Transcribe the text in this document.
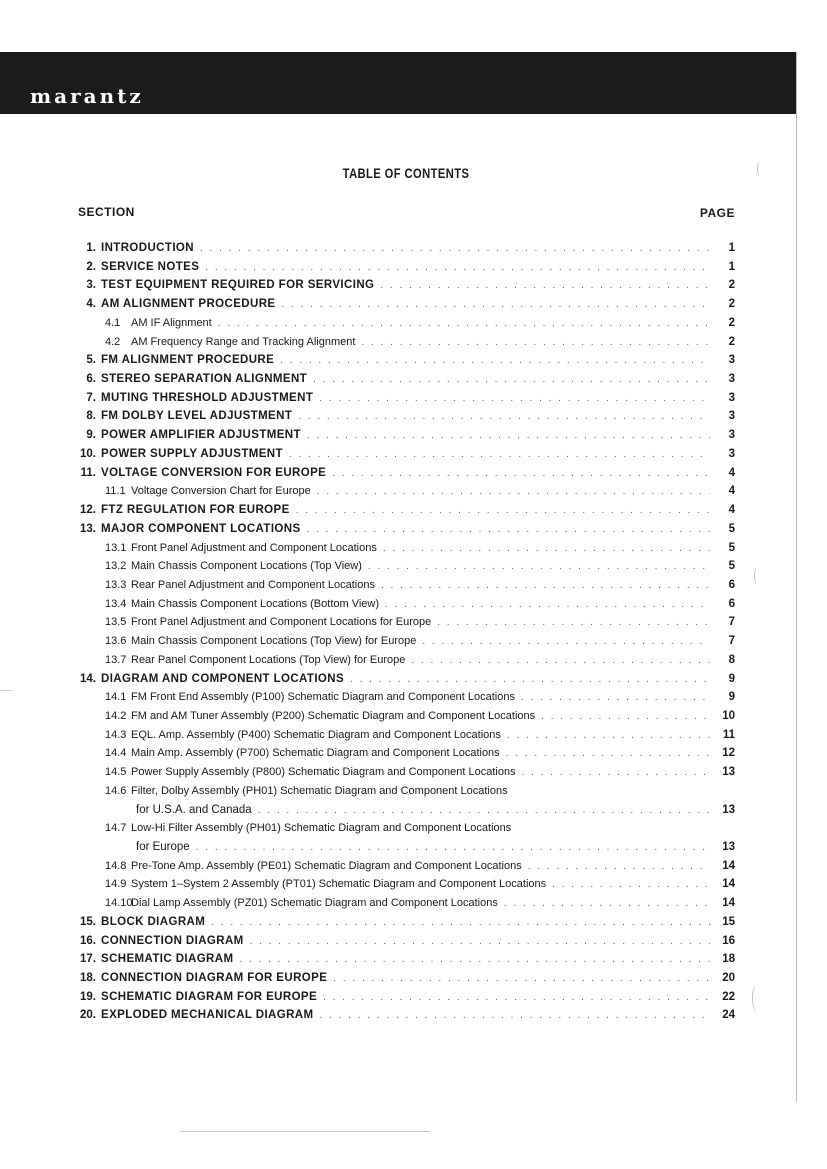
marantz
TABLE OF CONTENTS
SECTION	PAGE
1. INTRODUCTION . . .	1
2. SERVICE NOTES . . .	1
3. TEST EQUIPMENT REQUIRED FOR SERVICING . . .	2
4. AM ALIGNMENT PROCEDURE . . .	2
4.1 AM IF Alignment . . .	2
4.2 AM Frequency Range and Tracking Alignment . . .	2
5. FM ALIGNMENT PROCEDURE . . .	3
6. STEREO SEPARATION ALIGNMENT . . .	3
7. MUTING THRESHOLD ADJUSTMENT . . .	3
8. FM DOLBY LEVEL ADJUSTMENT . . .	3
9. POWER AMPLIFIER ADJUSTMENT . . .	3
10. POWER SUPPLY ADJUSTMENT . . .	3
11. VOLTAGE CONVERSION FOR EUROPE . . .	4
11.1 Voltage Conversion Chart for Europe . . .	4
12. FTZ REGULATION FOR EUROPE . . .	4
13. MAJOR COMPONENT LOCATIONS . . .	5
13.1 Front Panel Adjustment and Component Locations . . .	5
13.2 Main Chassis Component Locations (Top View) . . .	5
13.3 Rear Panel Adjustment and Component Locations . . .	6
13.4 Main Chassis Component Locations (Bottom View) . . .	6
13.5 Front Panel Adjustment and Component Locations for Europe . . .	7
13.6 Main Chassis Component Locations (Top View) for Europe . . .	7
13.7 Rear Panel Component Locations (Top View) for Europe . . .	8
14. DIAGRAM AND COMPONENT LOCATIONS . . .	9
14.1 FM Front End Assembly (P100) Schematic Diagram and Component Locations . . .	9
14.2 FM and AM Tuner Assembly (P200) Schematic Diagram and Component Locations . . .	10
14.3 EQL. Amp. Assembly (P400) Schematic Diagram and Component Locations . . .	11
14.4 Main Amp. Assembly (P700) Schematic Diagram and Component Locations . . .	12
14.5 Power Supply Assembly (P800) Schematic Diagram and Component Locations . . .	13
14.6 Filter, Dolby Assembly (PH01) Schematic Diagram and Component Locations
for U.S.A. and Canada . . .	13
14.7 Low-Hi Filter Assembly (PH01) Schematic Diagram and Component Locations
for Europe . . .	13
14.8 Pre-Tone Amp. Assembly (PE01) Schematic Diagram and Component Locations . . .	14
14.9 System 1–System 2 Assembly (PT01) Schematic Diagram and Component Locations . . .	14
14.10
Dial Lamp Assembly (PZ01) Schematic Diagram and Component Locations . . .	14
15. BLOCK DIAGRAM . . .	15
16. CONNECTION DIAGRAM . . .	16
17. SCHEMATIC DIAGRAM . . .	18
18. CONNECTION DIAGRAM FOR EUROPE . . .	20
19. SCHEMATIC DIAGRAM FOR EUROPE . . .	22
20. EXPLODED MECHANICAL DIAGRAM . . .	24
